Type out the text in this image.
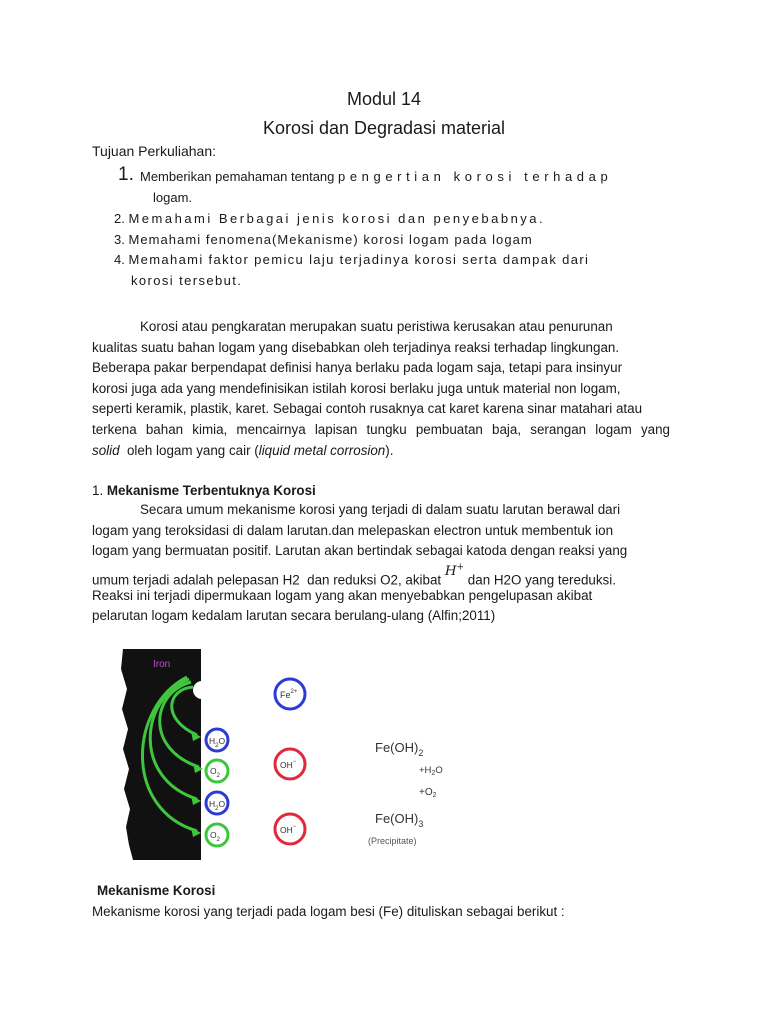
Modul 14
Korosi dan Degradasi material
Tujuan Perkuliahan:
1. Memberikan pemahaman tentang pengertian korosi terhadap
logam.
2. Memahami Berbagai jenis korosi dan penyebabnya.
3. Memahami fenomena(Mekanisme) korosi logam pada logam
4. Memahami faktor pemicu laju terjadinya korosi serta dampak dari
korosi tersebut.
Korosi atau pengkaratan merupakan suatu peristiwa kerusakan atau penurunan
kualitas suatu bahan logam yang disebabkan oleh terjadinya reaksi terhadap lingkungan.
Beberapa pakar berpendapat definisi hanya berlaku pada logam saja, tetapi para insinyur
korosi juga ada yang mendefinisikan istilah korosi berlaku juga untuk material non logam,
seperti keramik, plastik, karet. Sebagai contoh rusaknya cat karet karena sinar matahari atau
terkena bahan kimia, mencairnya lapisan tungku pembuatan baja, serangan logam yang
solid  oleh logam yang cair (liquid metal corrosion).
1. Mekanisme Terbentuknya Korosi
Secara umum mekanisme korosi yang terjadi di dalam suatu larutan berawal dari
logam yang teroksidasi di dalam larutan.dan melepaskan electron untuk membentuk ion
logam yang bermuatan positif. Larutan akan bertindak sebagai katoda dengan reaksi yang
umum terjadi adalah pelepasan H2  dan reduksi O2, akibat H+ dan H2O yang tereduksi.
Reaksi ini terjadi dipermukaan logam yang akan menyebabkan pengelupasan akibat
pelarutan logam kedalam larutan secara berulang-ulang (Alfin;2011)
Iron
$H_2O$
$O_2$
$H_2O$
$O_2$
$Fe^{2+}$
OH−
OH−
$Fe(OH)_2$
$+H_2O$
$+O_2$
$Fe(OH)_3$
(Precipitate)
Mekanisme Korosi
Mekanisme korosi yang terjadi pada logam besi (Fe) dituliskan sebagai berikut :
